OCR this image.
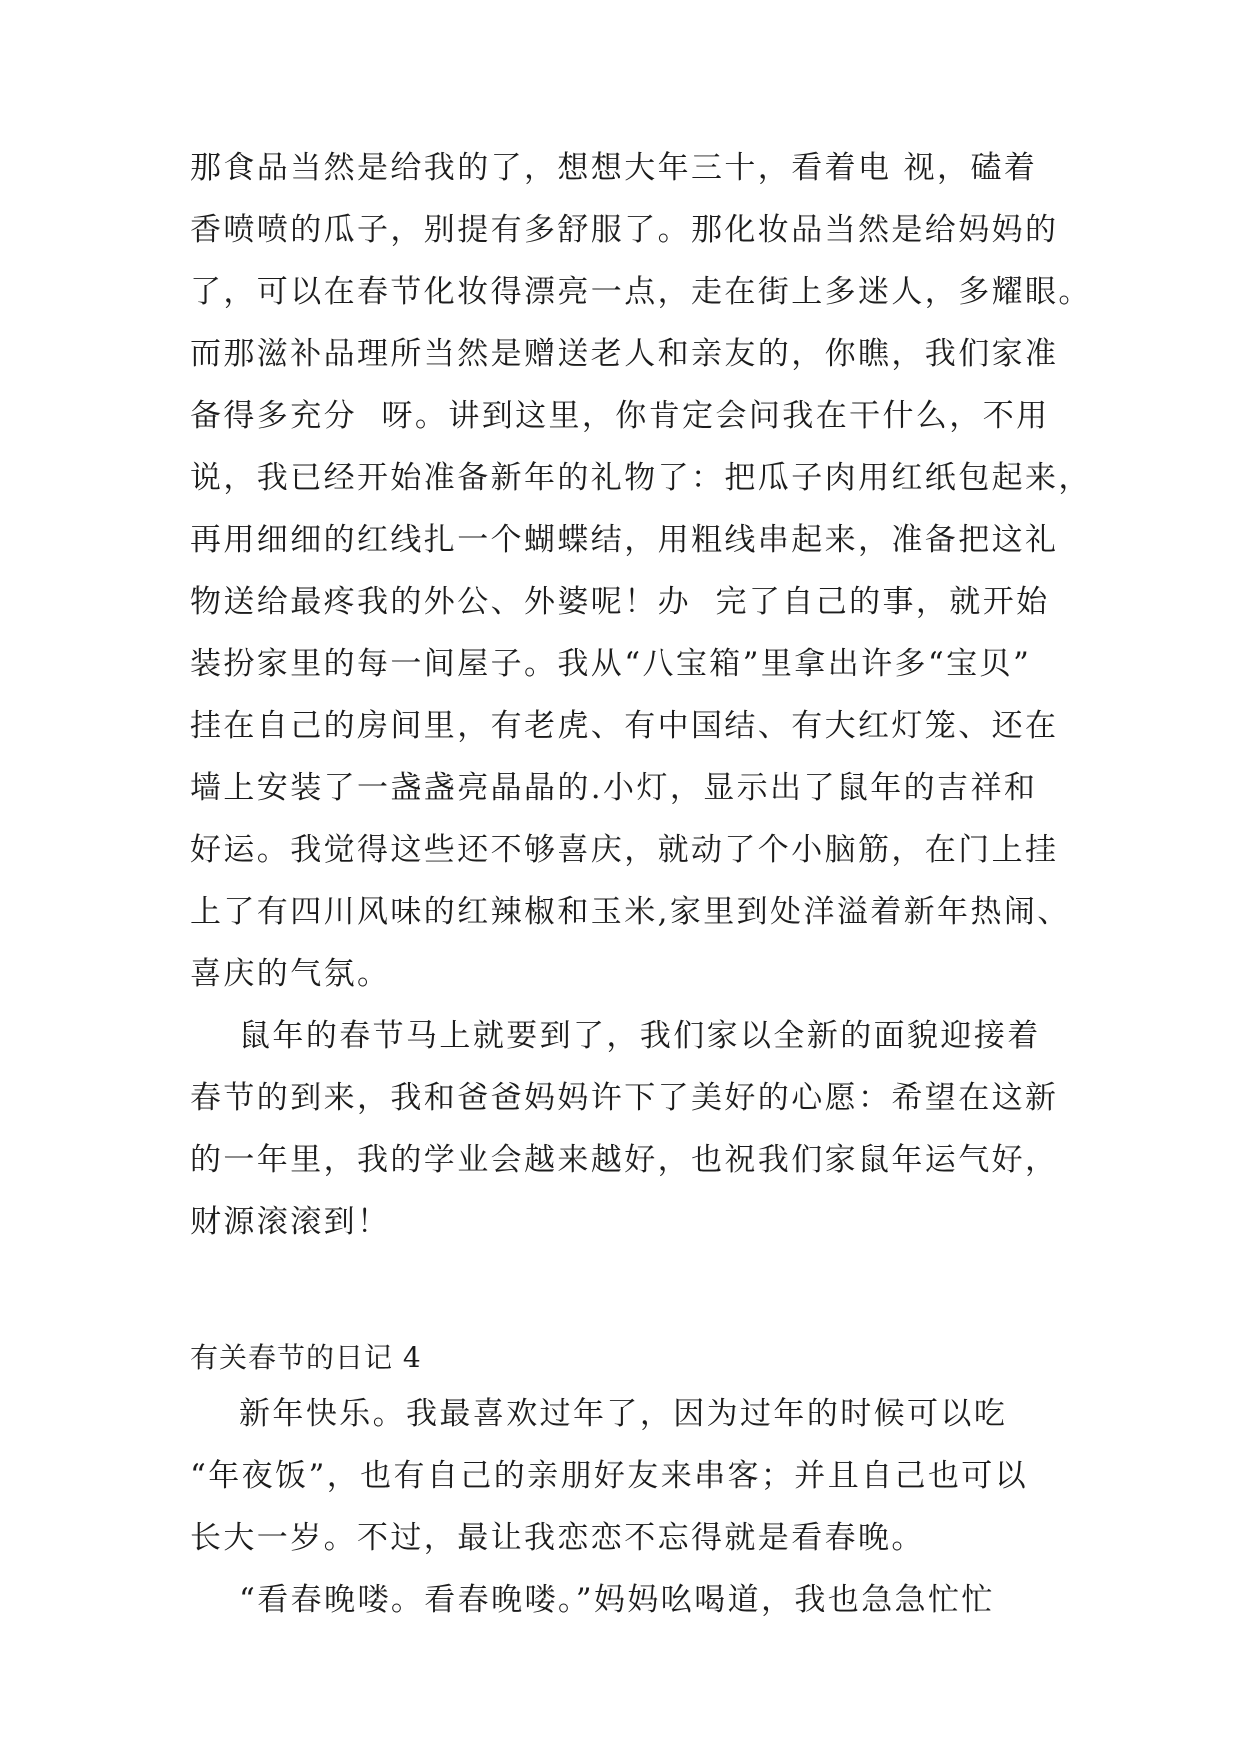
那食品当然是给我的了，想想大年三十，看着电 视，磕着
香喷喷的瓜子，别提有多舒服了。那化妆品当然是给妈妈的
了，可以在春节化妆得漂亮一点，走在街上多迷人，多耀眼。
而那滋补品理所当然是赠送老人和亲友的，你瞧，我们家准
备得多充分  呀。讲到这里，你肯定会问我在干什么，不用
说，我已经开始准备新年的礼物了：把瓜子肉用红纸包起来，
再用细细的红线扎一个蝴蝶结，用粗线串起来，准备把这礼
物送给最疼我的外公、外婆呢！办  完了自己的事，就开始
装扮家里的每一间屋子。我从“八宝箱”里拿出许多“宝贝”
挂在自己的房间里，有老虎、有中国结、有大红灯笼、还在
墙上安装了一盏盏亮晶晶的.小灯，显示出了鼠年的吉祥和
好运。我觉得这些还不够喜庆，就动了个小脑筋，在门上挂
上了有四川风味的红辣椒和玉米,家里到处洋溢着新年热闹、
喜庆的气氛。
鼠年的春节马上就要到了，我们家以全新的面貌迎接着
春节的到来，我和爸爸妈妈许下了美好的心愿：希望在这新
的一年里，我的学业会越来越好，也祝我们家鼠年运气好，
财源滚滚到！
有关春节的日记 4
新年快乐。我最喜欢过年了，因为过年的时候可以吃
“年夜饭”，也有自己的亲朋好友来串客；并且自己也可以
长大一岁。不过，最让我恋恋不忘得就是看春晚。
“看春晚喽。看春晚喽。”妈妈吆喝道，我也急急忙忙
